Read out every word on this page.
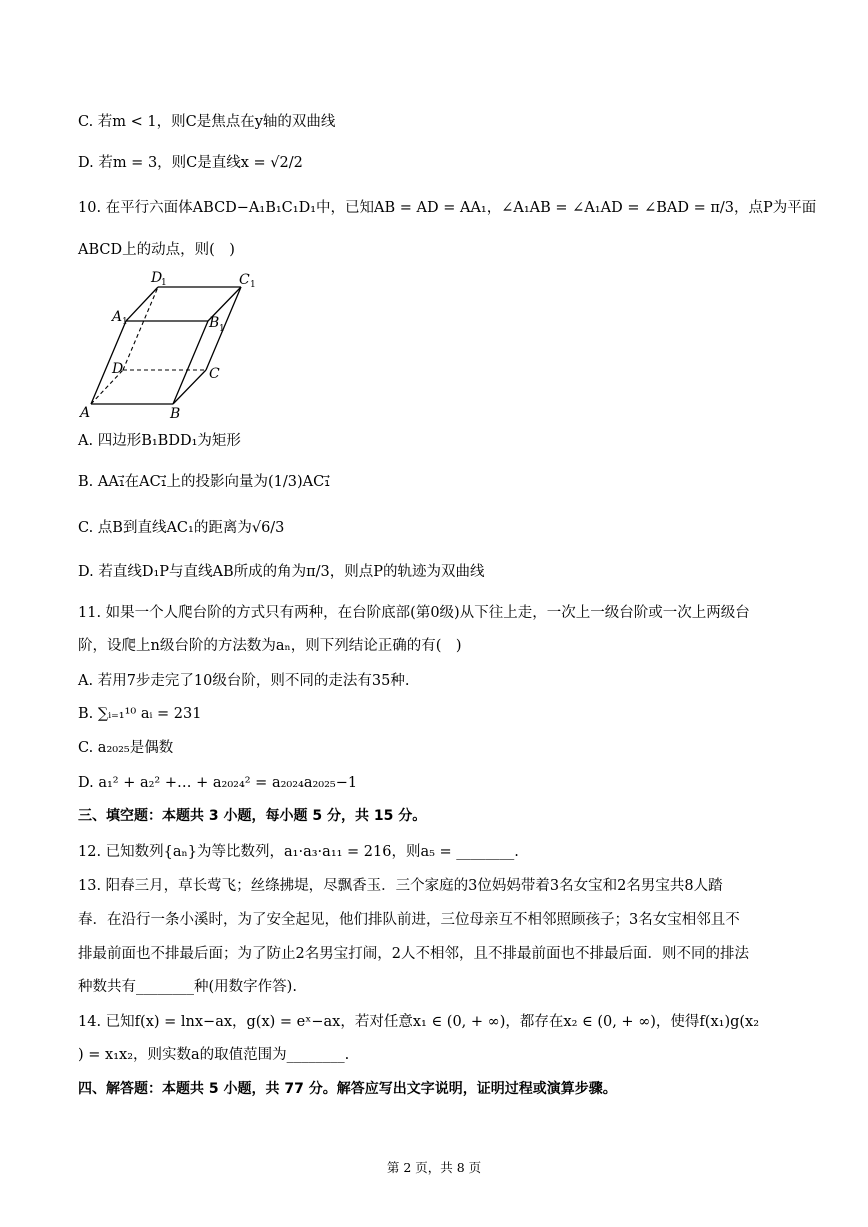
C. 若m < 1，则C是焦点在y轴的双曲线
D. 若m = 3，则C是直线x = √2/2
10. 在平行六面体ABCD−A₁B₁C₁D₁中，已知AB = AD = AA₁，∠A₁AB = ∠A₁AD = ∠BAD = π/3，点P为平面
ABCD上的动点，则(　)
A	B
C
D
A 1	B 1
C 1
D
1
A. 四边形B₁BDD₁为矩形
B. AA₁⃗在AC₁⃗上的投影向量为(1/3)AC₁⃗
C. 点B到直线AC₁的距离为√6/3
D. 若直线D₁P与直线AB所成的角为π/3，则点P的轨迹为双曲线
11. 如果一个人爬台阶的方式只有两种，在台阶底部(第0级)从下往上走，一次上一级台阶或一次上两级台
阶，设爬上n级台阶的方法数为aₙ，则下列结论正确的有(　)
A. 若用7步走完了10级台阶，则不同的走法有35种.
B. ∑ᵢ₌₁¹⁰ aᵢ = 231
C. a₂₀₂₅是偶数
D. a₁² + a₂² +… + a₂₀₂₄² = a₂₀₂₄a₂₀₂₅−1
三、填空题：本题共 3 小题，每小题 5 分，共 15 分。
12. 已知数列{aₙ}为等比数列，a₁·a₃·a₁₁ = 216，则a₅ = ________.
13. 阳春三月，草长莺飞；丝绦拂堤，尽飘香玉．三个家庭的3位妈妈带着3名女宝和2名男宝共8人踏
春．在沿行一条小溪时，为了安全起见，他们排队前进，三位母亲互不相邻照顾孩子；3名女宝相邻且不
排最前面也不排最后面；为了防止2名男宝打闹，2人不相邻，且不排最前面也不排最后面．则不同的排法
种数共有________种(用数字作答).
14. 已知f(x) = lnx−ax，g(x) = eˣ−ax，若对任意x₁ ∈ (0, + ∞)，都存在x₂ ∈ (0, + ∞)，使得f(x₁)g(x₂
) = x₁x₂，则实数a的取值范围为________.
四、解答题：本题共 5 小题，共 77 分。解答应写出文字说明，证明过程或演算步骤。
第 2 页，共 8 页
